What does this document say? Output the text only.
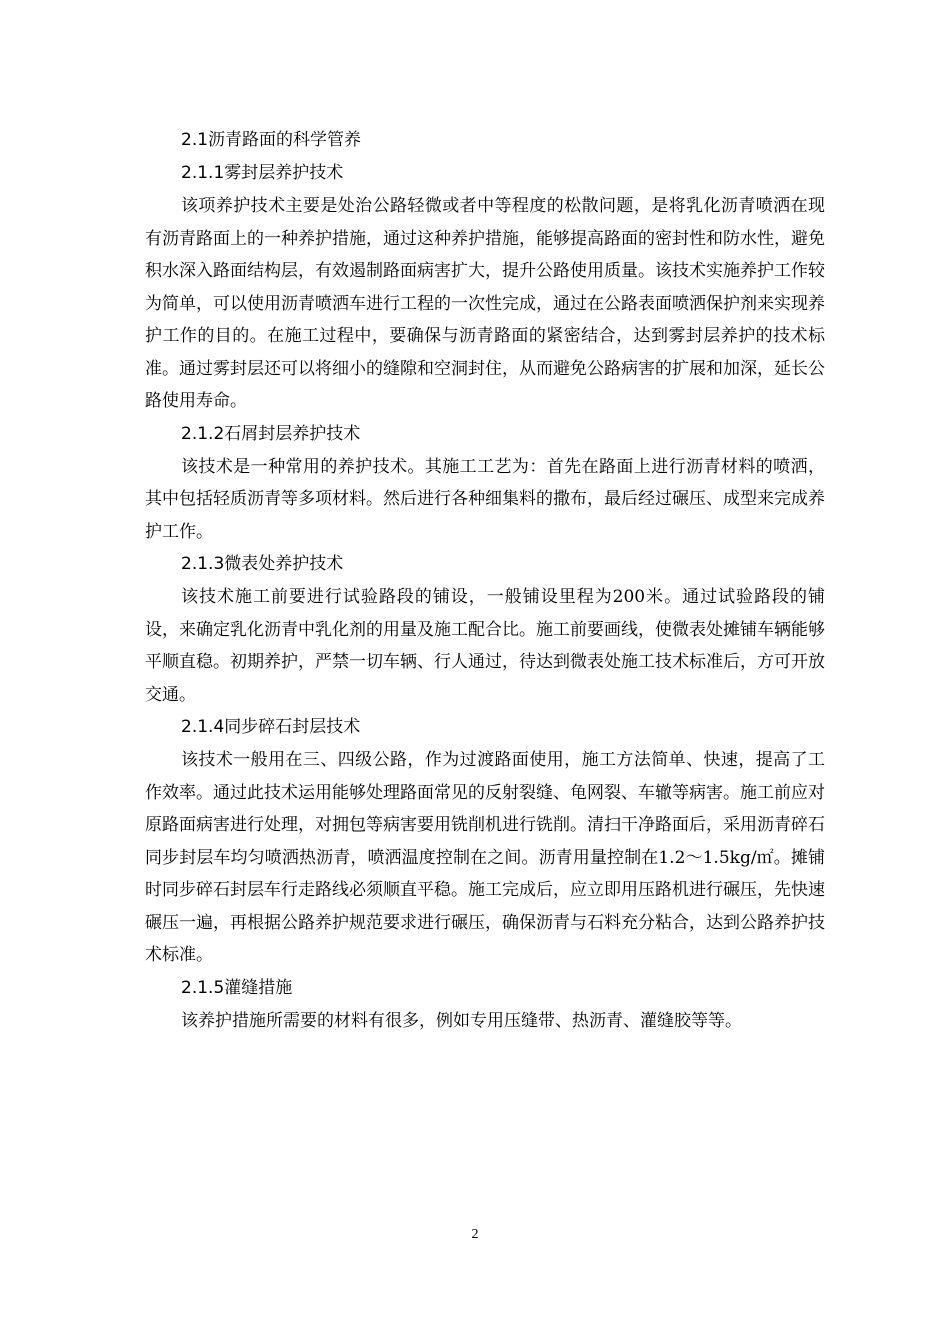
2.1沥青路面的科学管养
2.1.1雾封层养护技术

该项养护技术主要是处治公路轻微或者中等程度的松散问题，是将乳化沥青喷洒在现有沥青路面上的一种养护措施，通过这种养护措施，能够提高路面的密封性和防水性，避免积水深入路面结构层，有效遏制路面病害扩大，提升公路使用质量。该技术实施养护工作较为简单，可以使用沥青喷洒车进行工程的一次性完成，通过在公路表面喷洒保护剂来实现养护工作的目的。在施工过程中，要确保与沥青路面的紧密结合，达到雾封层养护的技术标准。通过雾封层还可以将细小的缝隙和空洞封住，从而避免公路病害的扩展和加深，延长公路使用寿命。

2.1.2石屑封层养护技术

该技术是一种常用的养护技术。其施工工艺为：首先在路面上进行沥青材料的喷洒，其中包括轻质沥青等多项材料。然后进行各种细集料的撒布，最后经过碾压、成型来完成养护工作。

2.1.3微表处养护技术

该技术施工前要进行试验路段的铺设，一般铺设里程为200米。通过试验路段的铺设，来确定乳化沥青中乳化剂的用量及施工配合比。施工前要画线，使微表处摊铺车辆能够平顺直稳。初期养护，严禁一切车辆、行人通过，待达到微表处施工技术标准后，方可开放交通。

2.1.4同步碎石封层技术

该技术一般用在三、四级公路，作为过渡路面使用，施工方法简单、快速，提高了工作效率。通过此技术运用能够处理路面常见的反射裂缝、龟网裂、车辙等病害。施工前应对原路面病害进行处理，对拥包等病害要用铣削机进行铣削。清扫干净路面后，采用沥青碎石同步封层车均匀喷洒热沥青，喷洒温度控制在之间。沥青用量控制在1.2～1.5kg/㎡。摊铺时同步碎石封层车行走路线必须顺直平稳。施工完成后，应立即用压路机进行碾压，先快速碾压一遍，再根据公路养护规范要求进行碾压，确保沥青与石料充分粘合，达到公路养护技术标准。

2.1.5灌缝措施

该养护措施所需要的材料有很多，例如专用压缝带、热沥青、灌缝胶等等。

2
